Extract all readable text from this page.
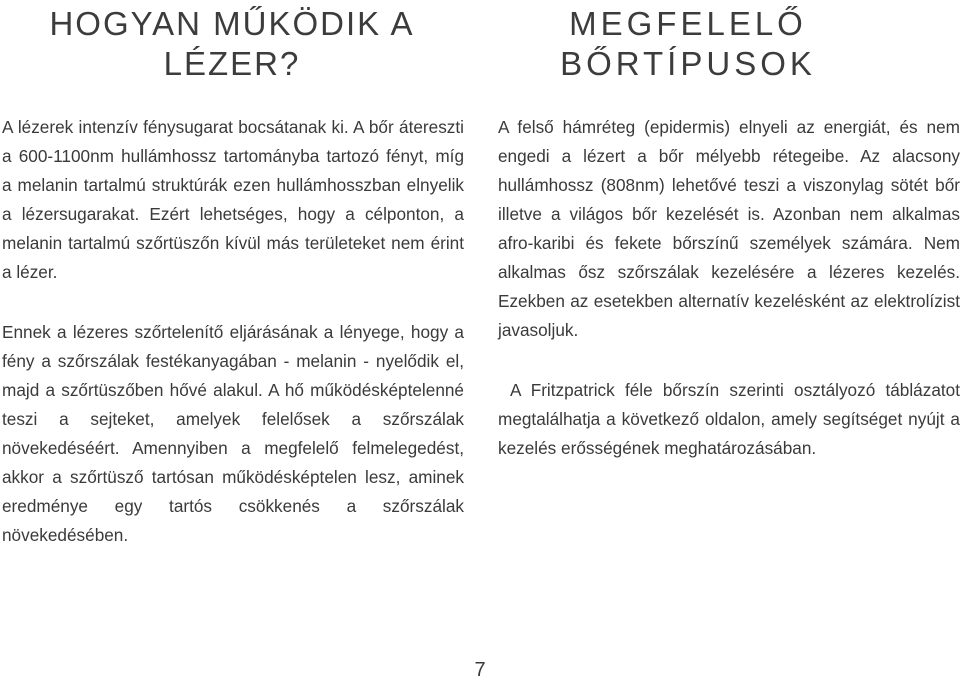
HOGYAN MŰKÖDIK A
LÉZER?

A lézerek intenzív fénysugarat bocsátanak ki. A bőr átereszti a 600-1100nm hullámhossz tartományba tartozó fényt, míg a melanin tartalmú struktúrák ezen hullámhosszban elnyelik a lézersugarakat. Ezért lehetséges, hogy a célponton, a melanin tartalmú szőrtüszőn kívül más területeket nem érint a lézer.

Ennek a lézeres szőrtelenítő eljárásának a lényege, hogy a fény a szőrszálak festékanyagában - melanin - nyelődik el, majd a szőrtüszőben hővé alakul. A hő működésképtelenné teszi a sejteket, amelyek felelősek a szőrszálak növekedéséért. Amennyiben a megfelelő felmelegedést, akkor a szőrtüsző tartósan működésképtelen lesz, aminek eredménye egy tartós csökkenés a szőrszálak növekedésében.

MEGFELELŐ
BŐRTÍPUSOK

A felső hámréteg (epidermis) elnyeli az energiát, és nem engedi a lézert a bőr mélyebb rétegeibe. Az alacsony hullámhossz (808nm) lehetővé teszi a viszonylag sötét bőr illetve a világos bőr kezelését is. Azonban nem alkalmas afro-karibi és fekete bőrszínű személyek számára. Nem alkalmas ősz szőrszálak kezelésére a lézeres kezelés. Ezekben az esetekben alternatív kezelésként az elektrolízist javasoljuk.

A Fritzpatrick féle bőrszín szerinti osztályozó táblázatot megtalálhatja a következő oldalon, amely segítséget nyújt a kezelés erősségének meghatározásában.

7
